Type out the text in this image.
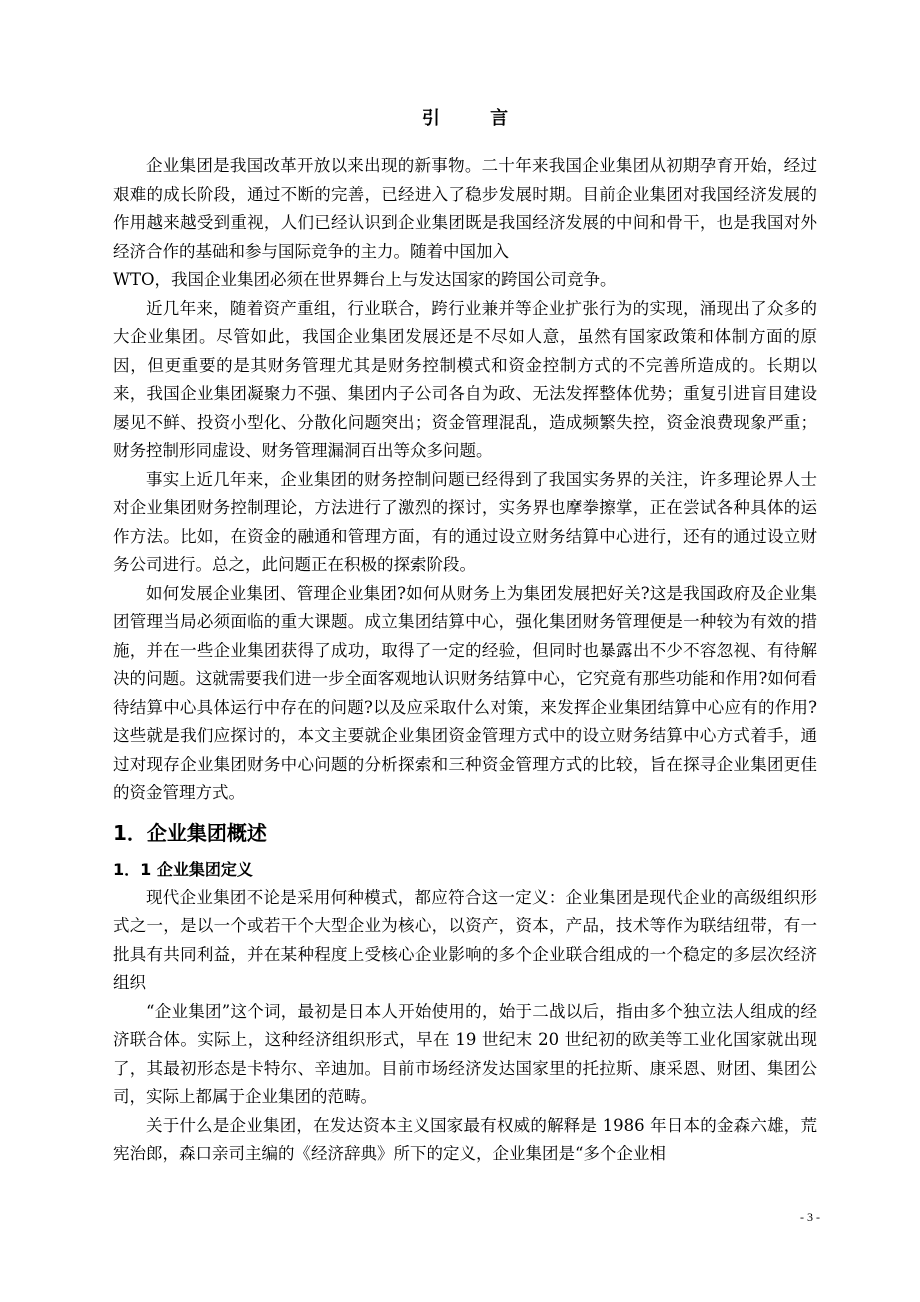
引 言

企业集团是我国改革开放以来出现的新事物。二十年来我国企业集团从初期孕育开始，经过艰难的成长阶段，通过不断的完善，已经进入了稳步发展时期。目前企业集团对我国经济发展的作用越来越受到重视，人们已经认识到企业集团既是我国经济发展的中间和骨干，也是我国对外经济合作的基础和参与国际竞争的主力。随着中国加入

WTO，我国企业集团必须在世界舞台上与发达国家的跨国公司竞争。

近几年来，随着资产重组，行业联合，跨行业兼并等企业扩张行为的实现，涌现出了众多的大企业集团。尽管如此，我国企业集团发展还是不尽如人意，虽然有国家政策和体制方面的原因，但更重要的是其财务管理尤其是财务控制模式和资金控制方式的不完善所造成的。长期以来，我国企业集团凝聚力不强、集团内子公司各自为政、无法发挥整体优势；重复引进盲目建设屡见不鲜、投资小型化、分散化问题突出；资金管理混乱，造成频繁失控，资金浪费现象严重；财务控制形同虚设、财务管理漏洞百出等众多问题。

事实上近几年来，企业集团的财务控制问题已经得到了我国实务界的关注，许多理论界人士对企业集团财务控制理论，方法进行了激烈的探讨，实务界也摩拳擦掌，正在尝试各种具体的运作方法。比如，在资金的融通和管理方面，有的通过设立财务结算中心进行，还有的通过设立财务公司进行。总之，此问题正在积极的探索阶段。

如何发展企业集团、管理企业集团?如何从财务上为集团发展把好关?这是我国政府及企业集团管理当局必须面临的重大课题。成立集团结算中心，强化集团财务管理便是一种较为有效的措施，并在一些企业集团获得了成功，取得了一定的经验，但同时也暴露出不少不容忽视、有待解决的问题。这就需要我们进一步全面客观地认识财务结算中心，它究竟有那些功能和作用?如何看待结算中心具体运行中存在的问题?以及应采取什么对策，来发挥企业集团结算中心应有的作用?这些就是我们应探讨的，本文主要就企业集团资金管理方式中的设立财务结算中心方式着手，通过对现存企业集团财务中心问题的分析探索和三种资金管理方式的比较，旨在探寻企业集团更佳的资金管理方式。

1．企业集团概述
1．1 企业集团定义

现代企业集团不论是采用何种模式，都应符合这一定义：企业集团是现代企业的高级组织形式之一，是以一个或若干个大型企业为核心，以资产，资本，产品，技术等作为联结纽带，有一批具有共同利益，并在某种程度上受核心企业影响的多个企业联合组成的一个稳定的多层次经济组织

“企业集团”这个词，最初是日本人开始使用的，始于二战以后，指由多个独立法人组成的经济联合体。实际上，这种经济组织形式，早在 19 世纪末 20 世纪初的欧美等工业化国家就出现了，其最初形态是卡特尔、辛迪加。目前市场经济发达国家里的托拉斯、康采恩、财团、集团公司，实际上都属于企业集团的范畴。

关于什么是企业集团，在发达资本主义国家最有权威的解释是 1986 年日本的金森六雄，荒宪治郎，森口亲司主编的《经济辞典》所下的定义，企业集团是“多个企业相

- 3 -
